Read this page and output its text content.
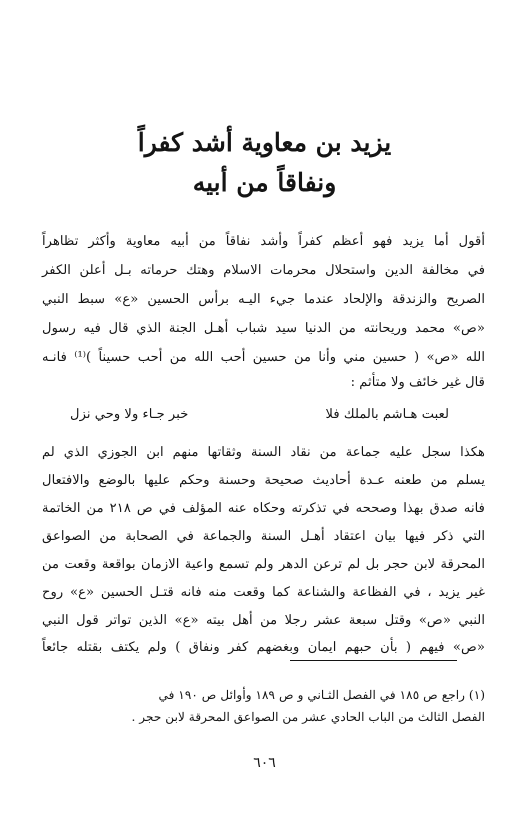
يزيد بن معاوية أشد كفراً
ونفاقاً من أبيه
أقول أما يزيد فهو أعظم كفراً وأشد نفاقاً من أبيه معاوية وأكثر تظاهراً
في مخالفة الدين واستحلال محرمات الاسلام وهتك حرماته بـل أعلن الكفر
الصريح والزندقة والإلحاد عندما جيء اليـه برأس الحسين «ع» سبط النبي
«ص» محمد وريحانته من الدنيا سيد شباب أهـل الجنة الذي قال فيه رسول
الله «ص» ( حسين مني وأنا من حسين أحب الله من أحب حسيناً )⁽¹⁾ فانـه
قال غير خائف ولا متأثم :
لعبت هـاشم بالملك فلا
خبر جـاء ولا وحي نزل
هكذا سجل عليه جماعة من نقاد السنة وثقاتها منهم ابن الجوزي الذي لم
يسلم من طعنه عـدة أحاديث صحيحة وحسنة وحكم عليها بالوضع والافتعال
فانه صدق بهذا وصححه في تذكرته وحكاه عنه المؤلف في ص ٢١٨ من الخاتمة
التي ذكر فيها بيان اعتقاد أهـل السنة والجماعة في الصحابة من الصواعق
المحرقة لابن حجر بل لم ترعن الدهر ولم تسمع واعية الازمان بواقعة وقعت من
غير يزيد ، في الفظاعة والشناعة كما وقعت منه فانه قتـل الحسين «ع» روح
النبي «ص» وقتل سبعة عشر رجلا من أهل بيته «ع» الذين تواتر قول النبي
«ص» فيهم ( بأن حبهم ايمان وبغضهم كفر ونفاق ) ولم يكتف بقتله جائعاً
(١) راجع ص ١٨٥ في الفصل الثـاني و ص ١٨٩ وأوائل ص ١٩٠ في
الفصل الثالث من الباب الحادي عشر من الصواعق المحرقة لابن حجر .
٦٠٦
